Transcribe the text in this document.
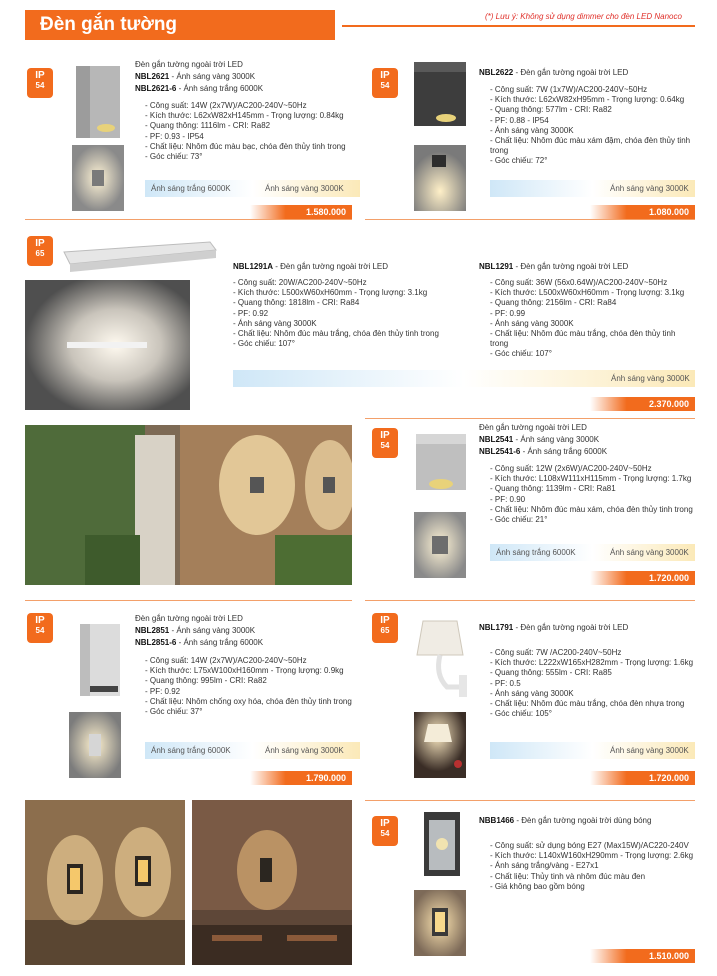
Đèn gắn tường	(*) Lưu ý: Không sử dụng dimmer cho đèn LED Nanoco
IP
54
Đèn gắn tường ngoài trời LED
NBL2621 - Ánh sáng vàng 3000K
NBL2621-6 - Ánh sáng trắng 6000K
- Công suất: 14W (2x7W)/AC200-240V~50Hz
- Kích thước: L62xW82xH145mm - Trọng lượng: 0.84kg
- Quang thông: 1116lm - CRI: Ra82
- PF: 0.93 - IP54
- Chất liệu: Nhôm đúc màu bạc, chóa đèn thủy tinh trong
- Góc chiếu: 73°
Ánh sáng trắng 6000K	Ánh sáng vàng 3000K
1.580.000
IP
54
NBL2622 - Đèn gắn tường ngoài trời LED
- Công suất: 7W (1x7W)/AC200-240V~50Hz
- Kích thước: L62xW82xH95mm - Trọng lượng: 0.64kg
- Quang thông: 577lm - CRI: Ra82
- PF: 0.88 - IP54
- Ánh sáng vàng 3000K
- Chất liệu: Nhôm đúc màu xám đậm, chóa đèn thủy tinh trong
- Góc chiếu: 72°
Ánh sáng vàng 3000K
1.080.000
IP
65
NBL1291A - Đèn gắn tường ngoài trời LED
- Công suất: 20W/AC200-240V~50Hz
- Kích thước: L500xW60xH60mm - Trọng lượng: 3.1kg
- Quang thông: 1818lm - CRI: Ra84
- PF: 0.92
- Ánh sáng vàng 3000K
- Chất liệu: Nhôm đúc màu trắng, chóa đèn thủy tinh trong
- Góc chiếu: 107°
NBL1291 - Đèn gắn tường ngoài trời LED
- Công suất: 36W (56x0.64W)/AC200-240V~50Hz
- Kích thước: L500xW60xH60mm - Trọng lượng: 3.1kg
- Quang thông: 2156lm - CRI: Ra84
- PF: 0.99
- Ánh sáng vàng 3000K
- Chất liệu: Nhôm đúc màu trắng, chóa đèn thủy tinh trong
- Góc chiếu: 107°
Ánh sáng vàng 3000K
2.370.000
IP
54
Đèn gắn tường ngoài trời LED
NBL2541 - Ánh sáng vàng 3000K
NBL2541-6 - Ánh sáng trắng 6000K
- Công suất: 12W (2x6W)/AC200-240V~50Hz
- Kích thước: L108xW111xH115mm - Trọng lượng: 1.7kg
- Quang thông: 1139lm - CRI: Ra81
- PF: 0.90
- Chất liệu: Nhôm đúc màu xám, chóa đèn thủy tinh trong
- Góc chiếu: 21°
Ánh sáng trắng 6000K	Ánh sáng vàng 3000K
1.720.000
IP
54
Đèn gắn tường ngoài trời LED
NBL2851 - Ánh sáng vàng 3000K
NBL2851-6 - Ánh sáng trắng 6000K
- Công suất: 14W (2x7W)/AC200-240V~50Hz
- Kích thước: L75xW100xH160mm - Trọng lượng: 0.9kg
- Quang thông: 995lm - CRI: Ra82
- PF: 0.92
- Chất liệu: Nhôm chống oxy hóa, chóa đèn thủy tinh trong
- Góc chiếu: 37°
Ánh sáng trắng 6000K	Ánh sáng vàng 3000K
1.790.000
IP
65	NBL1791 - Đèn gắn tường ngoài trời LED
- Công suất: 7W /AC200-240V~50Hz
- Kích thước: L222xW165xH282mm - Trọng lượng: 1.6kg
- Quang thông: 555lm - CRI: Ra85
- PF: 0.5
- Ánh sáng vàng 3000K
- Chất liệu: Nhôm đúc màu trắng, chóa đèn nhựa trong
- Góc chiếu: 105°
Ánh sáng vàng 3000K
1.720.000
IP
54
NBB1466 - Đèn gắn tường ngoài trời dùng bóng
- Công suất: sử dụng bóng E27 (Max15W)/AC220-240V
- Kích thước: L140xW160xH290mm - Trọng lượng: 2.6kg
- Ánh sáng trắng/vàng - E27x1
- Chất liệu: Thủy tinh và nhôm đúc màu đen
- Giá không bao gồm bóng
1.510.000
